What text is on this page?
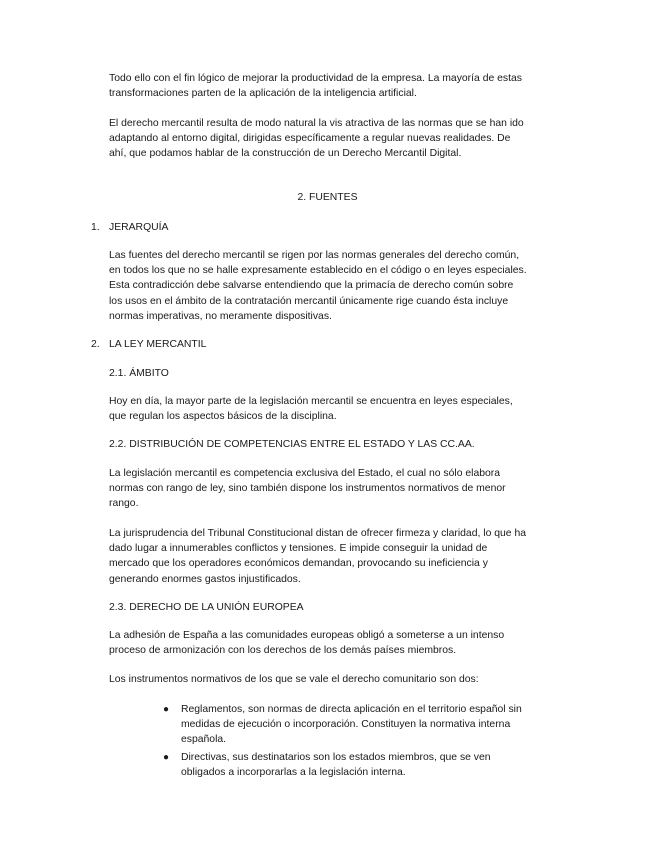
Todo ello con el fin lógico de mejorar la productividad de la empresa. La mayoría de estas transformaciones parten de la aplicación de la inteligencia artificial.

El derecho mercantil resulta de modo natural la vis atractiva de las normas que se han ido adaptando al entorno digital, dirigidas específicamente a regular nuevas realidades. De ahí, que podamos hablar de la construcción de un Derecho Mercantil Digital.

2. FUENTES

1. JERARQUÍA

Las fuentes del derecho mercantil se rigen por las normas generales del derecho común, en todos los que no se halle expresamente establecido en el código o en leyes especiales. Esta contradicción debe salvarse entendiendo que la primacía de derecho común sobre los usos en el ámbito de la contratación mercantil únicamente rige cuando ésta incluye normas imperativas, no meramente dispositivas.

2. LA LEY MERCANTIL

2.1. ÁMBITO

Hoy en día, la mayor parte de la legislación mercantil se encuentra en leyes especiales, que regulan los aspectos básicos de la disciplina.

2.2. DISTRIBUCIÓN DE COMPETENCIAS ENTRE EL ESTADO Y LAS CC.AA.

La legislación mercantil es competencia exclusiva del Estado, el cual no sólo elabora normas con rango de ley, sino también dispone los instrumentos normativos de menor rango.

La jurisprudencia del Tribunal Constitucional distan de ofrecer firmeza y claridad, lo que ha dado lugar a innumerables conflictos y tensiones. E impide conseguir la unidad de mercado que los operadores económicos demandan, provocando su ineficiencia y generando enormes gastos injustificados.

2.3. DERECHO DE LA UNIÓN EUROPEA

La adhesión de España a las comunidades europeas obligó a someterse a un intenso proceso de armonización con los derechos de los demás países miembros.

Los instrumentos normativos de los que se vale el derecho comunitario son dos:

● Reglamentos, son normas de directa aplicación en el territorio español sin medidas de ejecución o incorporación. Constituyen la normativa interna española.
● Directivas, sus destinatarios son los estados miembros, que se ven obligados a incorporarlas a la legislación interna.
